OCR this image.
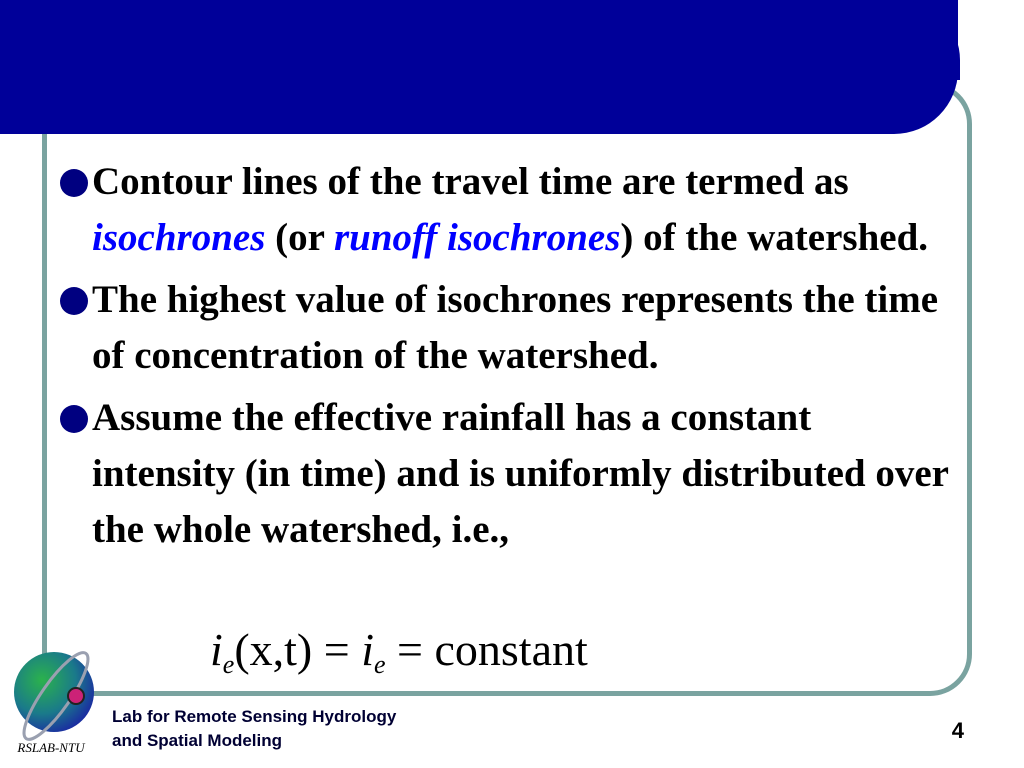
Contour lines of the travel time are termed as isochrones (or runoff isochrones) of the watershed.
The highest value of isochrones represents the time of concentration of the watershed.
Assume the effective rainfall has a constant intensity (in time) and is uniformly distributed over the whole watershed, i.e.,
$i_e(x,t) = i_e$ = constant
RSLAB-NTU
Lab for Remote Sensing Hydrology
and Spatial Modeling	4
